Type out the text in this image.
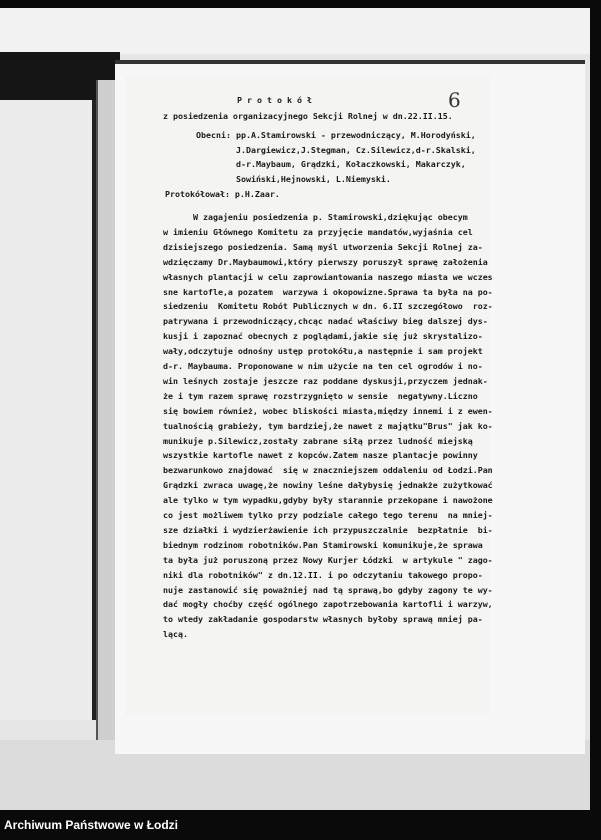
6
P r o t o k ó ł
z posiedzenia organizacyjnego Sekcji Rolnej w dn.22.II.15.
Obecni: pp.A.Stamirowski - przewodniczący, M.Horodyński,
J.Dargiewicz,J.Stegman, Cz.Silewicz,d-r.Skalski,
d-r.Maybaum, Grądzki, Kołaczkowski, Makarczyk,
Sowiński,Hejnowski, L.Niemyski.
Protokółował: p.H.Zaar.
W zagajeniu posiedzenia p. Stamirowski,dziękując obecym
w imieniu Głównego Komitetu za przyjęcie mandatów,wyjaśnia cel
dzisiejszego posiedzenia. Samą myśl utworzenia Sekcji Rolnej za-
wdzięczamy Dr.Maybaumowi,który pierwszy poruszył sprawę założenia
własnych plantacji w celu zaprowiantowania naszego miasta we wczes
sne kartofle,a pozatem  warzywa i okopowizne.Sprawa ta była na po-
siedzeniu  Komitetu Robót Publicznych w dn. 6.II szczegółowo  roz-
patrywana i przewodniczący,chcąc nadać właściwy bieg dalszej dys-
kusji i zapoznać obecnych z poglądami,jakie się już skrystalizo-
wały,odczytuje odnośny ustęp protokółu,a następnie i sam projekt
d-r. Maybauma. Proponowane w nim użycie na ten cel ogrodów i no-
win leśnych zostaje jeszcze raz poddane dyskusji,przyczem jednak-
że i tym razem sprawę rozstrzygnięto w sensie  negatywny.Liczno
się bowiem również, wobec bliskości miasta,między innemi i z ewen-
tualnością grabieży, tym bardziej,że nawet z majątku"Brus" jak ko-
munikuje p.Silewicz,zostały zabrane siłą przez ludność miejską
wszystkie kartofle nawet z kopców.Zatem nasze plantacje powinny
bezwarunkowo znajdować  się w znaczniejszem oddaleniu od Łodzi.Pan
Grądzki zwraca uwagę,że nowiny leśne dałybysię jednakże zużytkować
ale tylko w tym wypadku,gdyby były starannie przekopane i nawożone
co jest możliwem tylko przy podziale całego tego terenu  na mniej-
sze działki i wydzierżawienie ich przypuszczalnie  bezpłatnie  bi-
biednym rodzinom robotników.Pan Stamirowski komunikuje,że sprawa
ta była już poruszoną przez Nowy Kurjer Łódzki  w artykule " zago-
niki dla robotników" z dn.12.II. i po odczytaniu takowego propo-
nuje zastanowić się poważniej nad tą sprawą,bo gdyby zagony te wy-
dać mogły choćby część ogólnego zapotrzebowania kartofli i warzyw,
to wtedy zakładanie gospodarstw własnych byłoby sprawą mniej pa-
lącą.
Archiwum Państwowe w Łodzi
